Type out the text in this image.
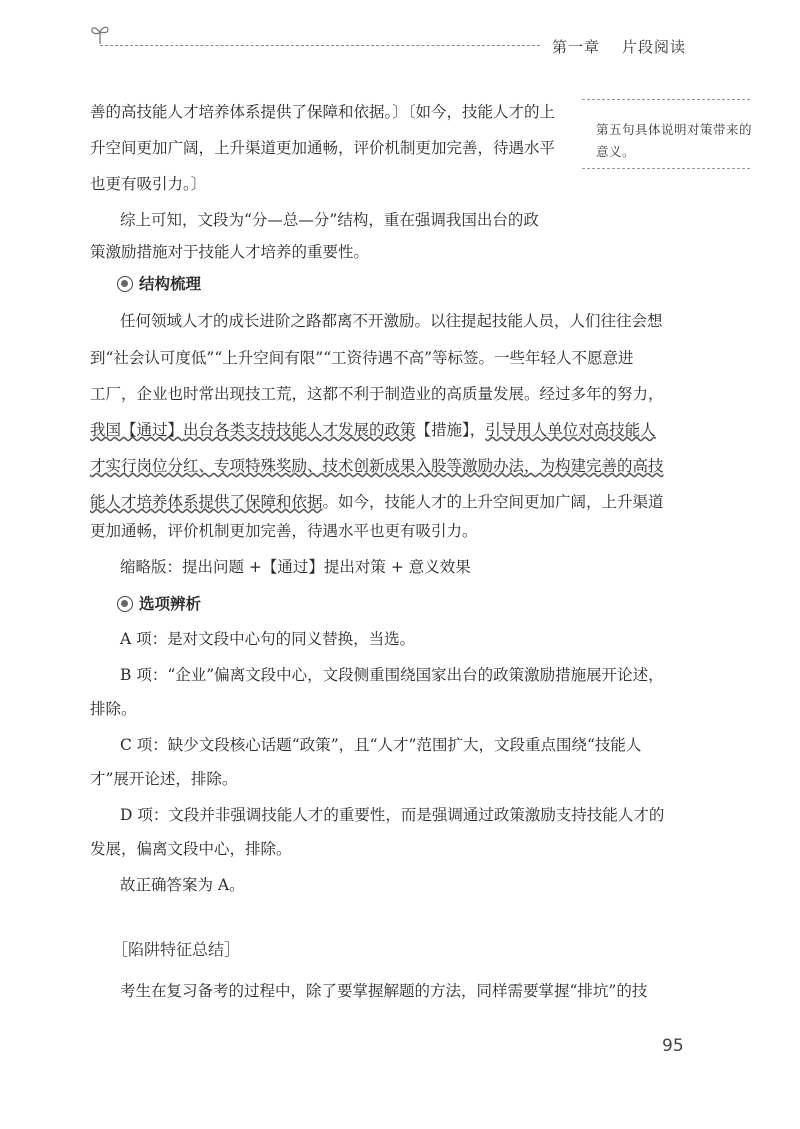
第一章 片段阅读
第五句具体说明对策带来的意义。
善的高技能人才培养体系提供了保障和依据。〕〔如今，技能人才的上
升空间更加广阔，上升渠道更加通畅，评价机制更加完善，待遇水平
也更有吸引力。〕
综上可知，文段为“分—总—分”结构，重在强调我国出台的政
策激励措施对于技能人才培养的重要性。
结构梳理
任何领域人才的成长进阶之路都离不开激励。以往提起技能人员，人们往往会想
到“社会认可度低”“上升空间有限”“工资待遇不高”等标签。一些年轻人不愿意进
工厂，企业也时常出现技工荒，这都不利于制造业的高质量发展。经过多年的努力，
我国【通过】出台各类支持技能人才发展的政策【措施】，引导用人单位对高技能人
才实行岗位分红、专项特殊奖励、技术创新成果入股等激励办法，为构建完善的高技
能人才培养体系提供了保障和依据。如今，技能人才的上升空间更加广阔，上升渠道
更加通畅，评价机制更加完善，待遇水平也更有吸引力。
缩略版：提出问题 +【通过】提出对策 + 意义效果
选项辨析
A 项：是对文段中心句的同义替换，当选。
B 项：“企业”偏离文段中心，文段侧重围绕国家出台的政策激励措施展开论述，
排除。
C 项：缺少文段核心话题“政策”，且“人才”范围扩大，文段重点围绕“技能人
才”展开论述，排除。
D 项：文段并非强调技能人才的重要性，而是强调通过政策激励支持技能人才的
发展，偏离文段中心，排除。
故正确答案为 A。
［陷阱特征总结］
考生在复习备考的过程中，除了要掌握解题的方法，同样需要掌握“排坑”的技
95
